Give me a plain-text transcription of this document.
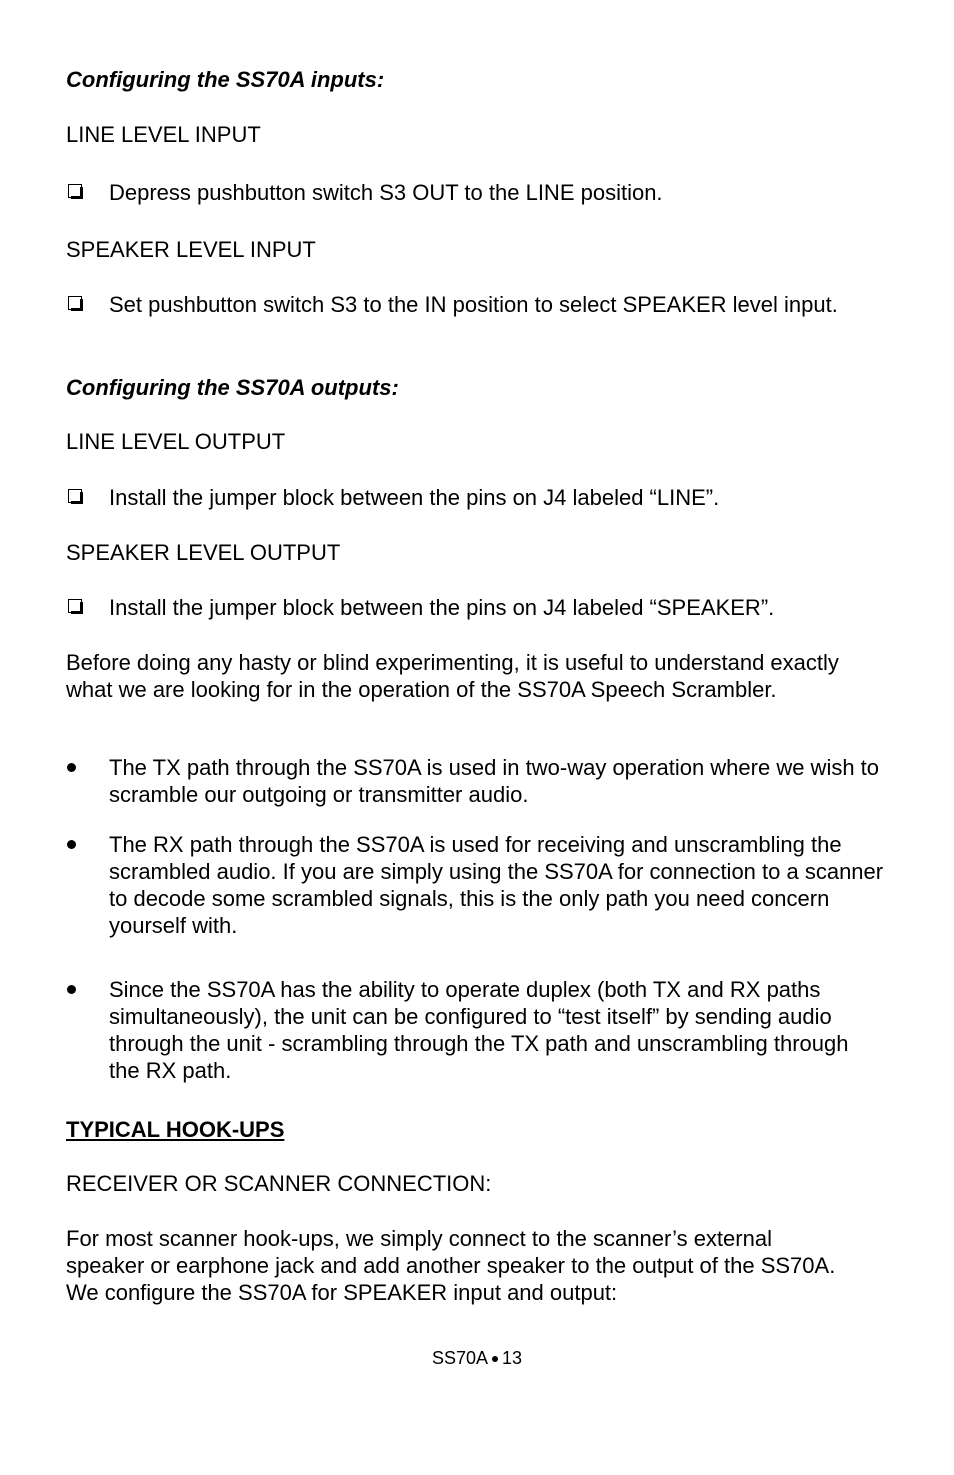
Configuring the SS70A inputs:

LINE LEVEL INPUT

Depress pushbutton switch S3 OUT to the LINE position.

SPEAKER LEVEL INPUT

Set pushbutton switch S3 to the IN position to select SPEAKER level input.

Configuring the SS70A outputs:

LINE LEVEL OUTPUT

Install the jumper block between the pins on J4 labeled “LINE”.

SPEAKER LEVEL OUTPUT

Install the jumper block between the pins on J4 labeled “SPEAKER”.

Before doing any hasty or blind experimenting, it is useful to understand exactly what we are looking for in the operation of the SS70A Speech Scrambler.

The TX path through the SS70A is used in two-way operation where we wish to scramble our outgoing or transmitter audio.
The RX path through the SS70A is used for receiving and unscrambling the scrambled audio. If you are simply using the SS70A for connection to a scanner to decode some scrambled signals, this is the only path you need concern yourself with.
Since the SS70A has the ability to operate duplex (both TX and RX paths simultaneously), the unit can be configured to “test itself” by sending audio through the unit - scrambling through the TX path and unscrambling through the RX path.

TYPICAL HOOK-UPS

RECEIVER OR SCANNER CONNECTION:

For most scanner hook-ups, we simply connect to the scanner’s external speaker or earphone jack and add another speaker to the output of the SS70A. We configure the SS70A for SPEAKER input and output:

SS70A 13
